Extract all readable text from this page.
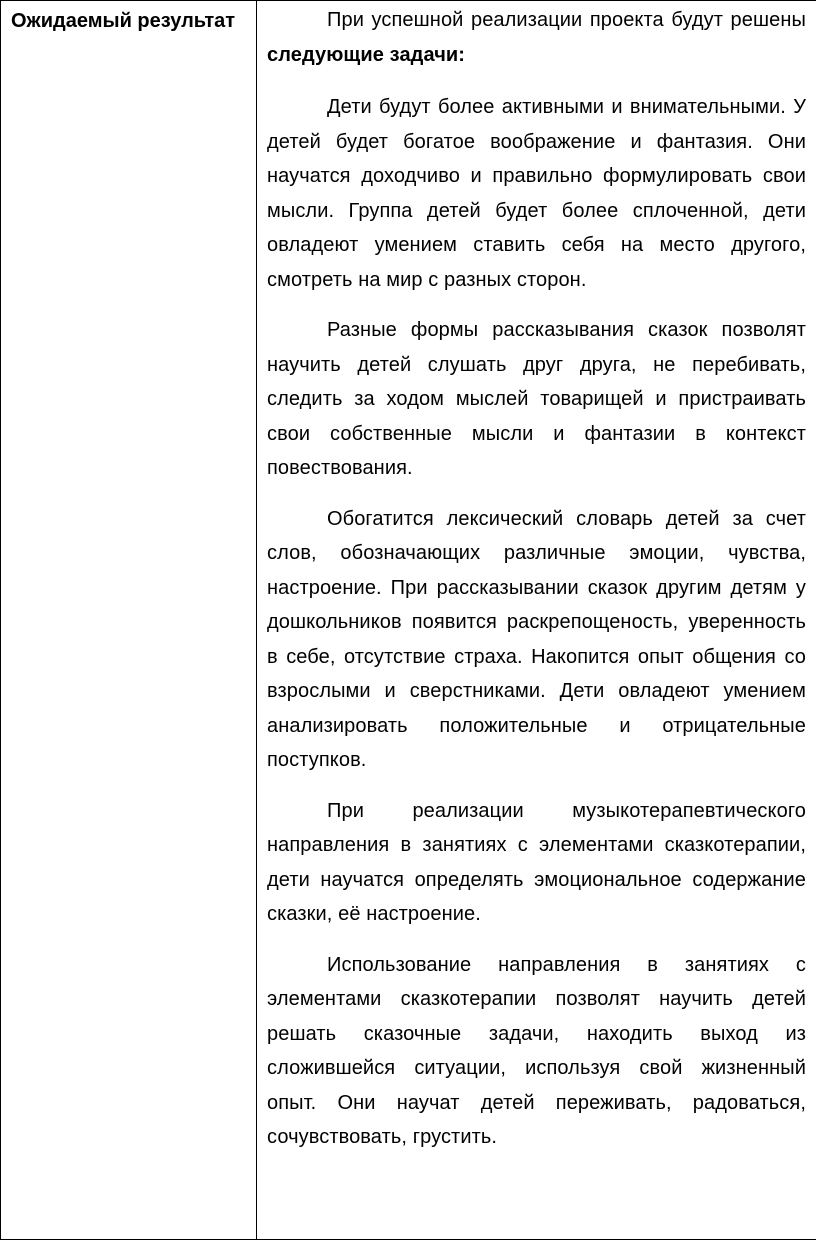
Ожидаемый результат	При успешной реализации проекта будут решены следующие задачи:

Дети будут более активными и внимательными. У детей будет богатое воображение и фантазия. Они научатся доходчиво и правильно формулировать свои мысли. Группа детей будет более сплоченной, дети овладеют умением ставить себя на место другого, смотреть на мир с разных сторон.

Разные формы рассказывания сказок позволят научить детей слушать друг друга, не перебивать, следить за ходом мыслей товарищей и пристраивать свои собственные мысли и фантазии в контекст повествования.

Обогатится лексический словарь детей за счет слов, обозначающих различные эмоции, чувства, настроение. При рассказывании сказок другим детям у дошкольников появится раскрепощеность, уверенность в себе, отсутствие страха. Накопится опыт общения со взрослыми и сверстниками. Дети овладеют умением анализировать положительные и отрицательные поступков.

При реализации музыкотерапевтического направления в занятиях с элементами сказкотерапии, дети научатся определять эмоциональное содержание сказки, её настроение.

Использование направления в занятиях с элементами сказкотерапии позволят научить детей решать сказочные задачи, находить выход из сложившейся ситуации, используя свой жизненный опыт. Они научат детей переживать, радоваться, сочувствовать, грустить.
